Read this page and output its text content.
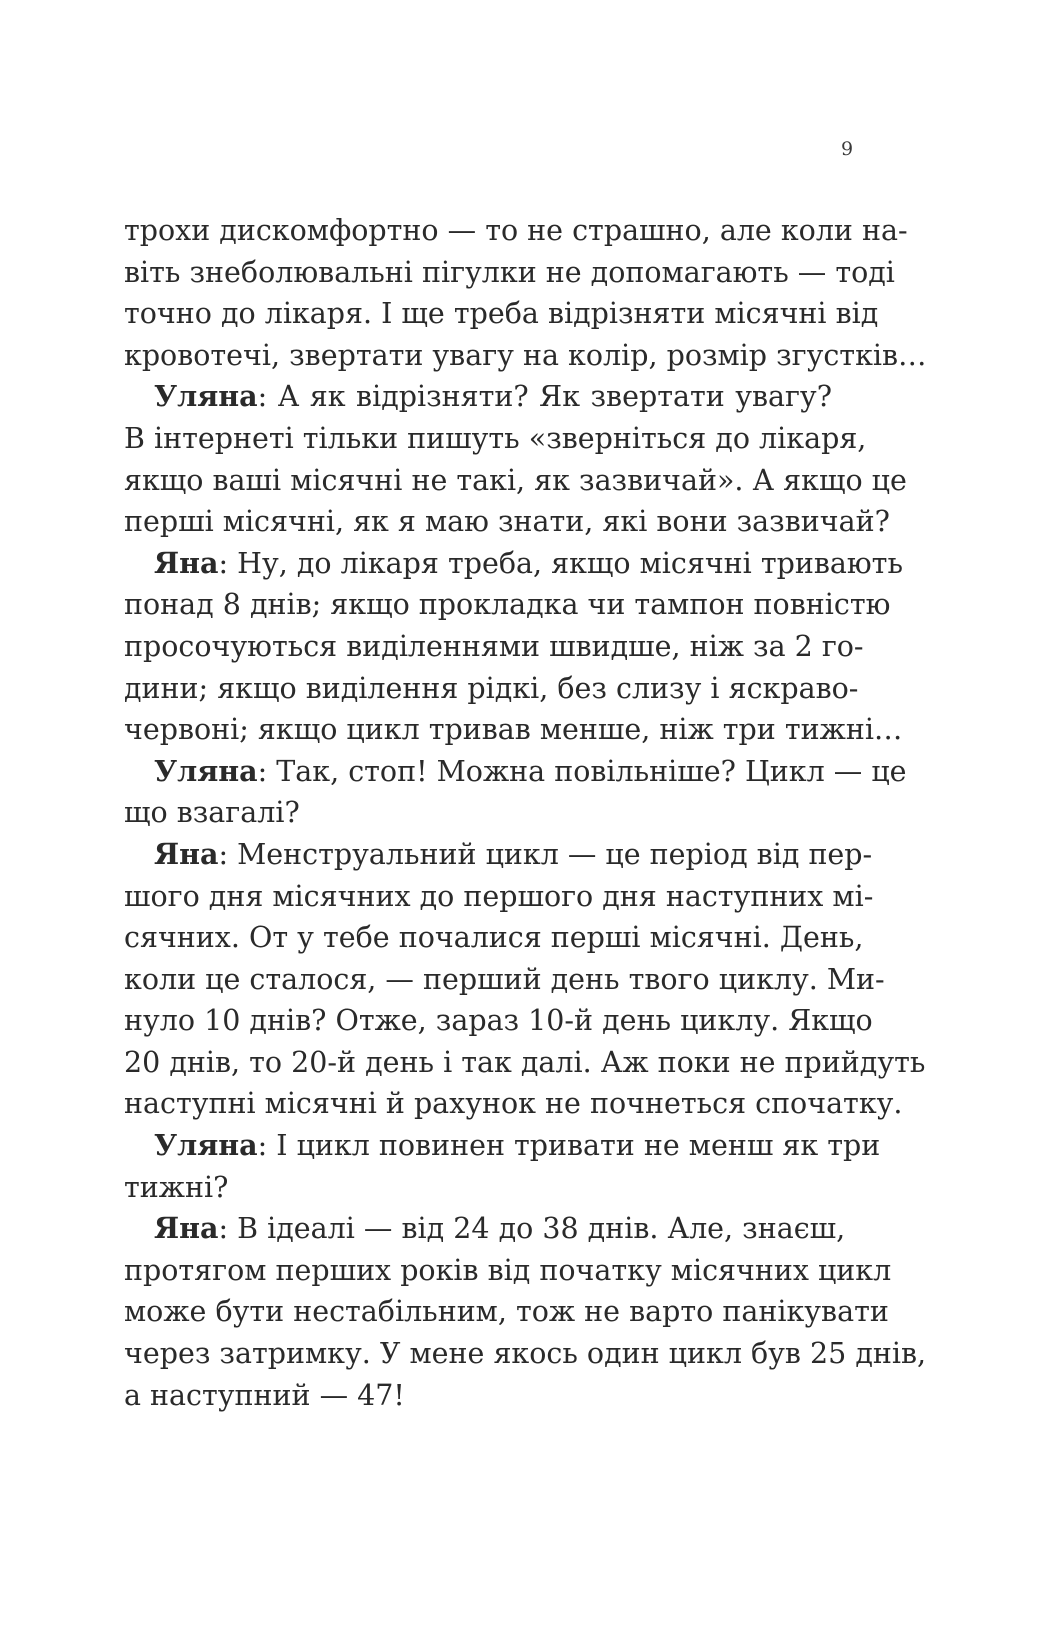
9
трохи дискомфортно — то не страшно, але коли на-
віть знеболювальні пігулки не допомагають — тоді
точно до лікаря. І ще треба відрізняти місячні від
кровотечі, звертати увагу на колір, розмір згустків…
Уляна: А як відрізняти? Як звертати увагу?
В інтернеті тільки пишуть «зверніться до лікаря,
якщо ваші місячні не такі, як зазвичай». А якщо це
перші місячні, як я маю знати, які вони зазвичай?
Яна: Ну, до лікаря треба, якщо місячні тривають
понад 8 днів; якщо прокладка чи тампон повністю
просочуються виділеннями швидше, ніж за 2 го-
дини; якщо виділення рідкі, без слизу і яскраво-
червоні; якщо цикл тривав менше, ніж три тижні…
Уляна: Так, стоп! Можна повільніше? Цикл — це
що взагалі?
Яна: Менструальний цикл — це період від пер-
шого дня місячних до першого дня наступних мі-
сячних. От у тебе почалися перші місячні. День,
коли це сталося, — перший день твого циклу. Ми-
нуло 10 днів? Отже, зараз 10-й день циклу. Якщо
20 днів, то 20-й день і так далі. Аж поки не прийдуть
наступні місячні й рахунок не почнеться спочатку.
Уляна: І цикл повинен тривати не менш як три
тижні?
Яна: В ідеалі — від 24 до 38 днів. Але, знаєш,
протягом перших років від початку місячних цикл
може бути нестабільним, тож не варто панікувати
через затримку. У мене якось один цикл був 25 днів,
а наступний — 47!
